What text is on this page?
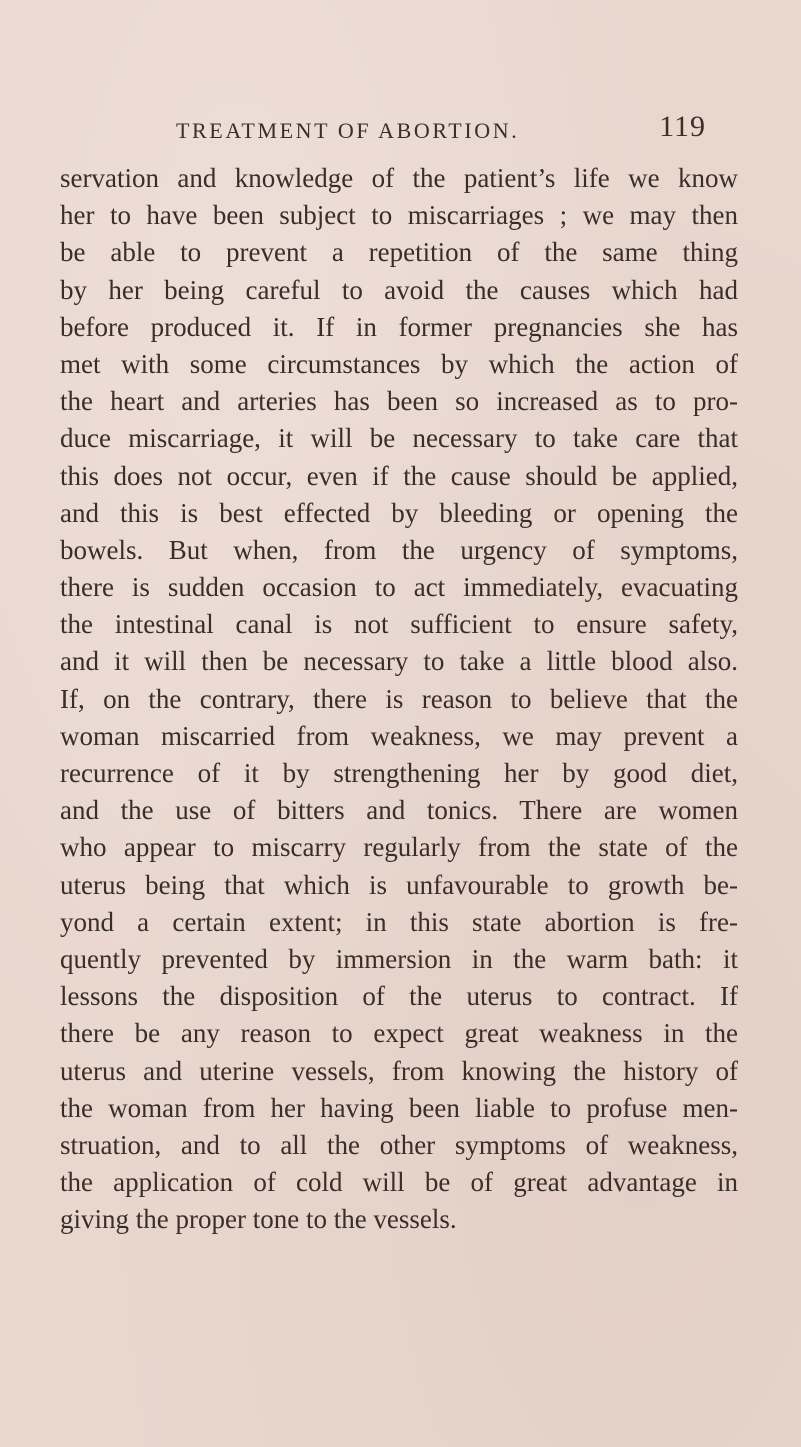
TREATMENT OF ABORTION.	119
servation and knowledge of the patient’s life we know
her to have been subject to miscarriages ; we may then
be able to prevent a repetition of the same thing
by her being careful to avoid the causes which had
before produced it. If in former pregnancies she has
met with some circumstances by which the action of
the heart and arteries has been so increased as to pro-
duce miscarriage, it will be necessary to take care that
this does not occur, even if the cause should be applied,
and this is best effected by bleeding or opening the
bowels. But when, from the urgency of symptoms,
there is sudden occasion to act immediately, evacuating
the intestinal canal is not sufficient to ensure safety,
and it will then be necessary to take a little blood also.
If, on the contrary, there is reason to believe that the
woman miscarried from weakness, we may prevent a
recurrence of it by strengthening her by good diet,
and the use of bitters and tonics. There are women
who appear to miscarry regularly from the state of the
uterus being that which is unfavourable to growth be-
yond a certain extent; in this state abortion is fre-
quently prevented by immersion in the warm bath: it
lessons the disposition of the uterus to contract. If
there be any reason to expect great weakness in the
uterus and uterine vessels, from knowing the history of
the woman from her having been liable to profuse men-
struation, and to all the other symptoms of weakness,
the application of cold will be of great advantage in
giving the proper tone to the vessels.
